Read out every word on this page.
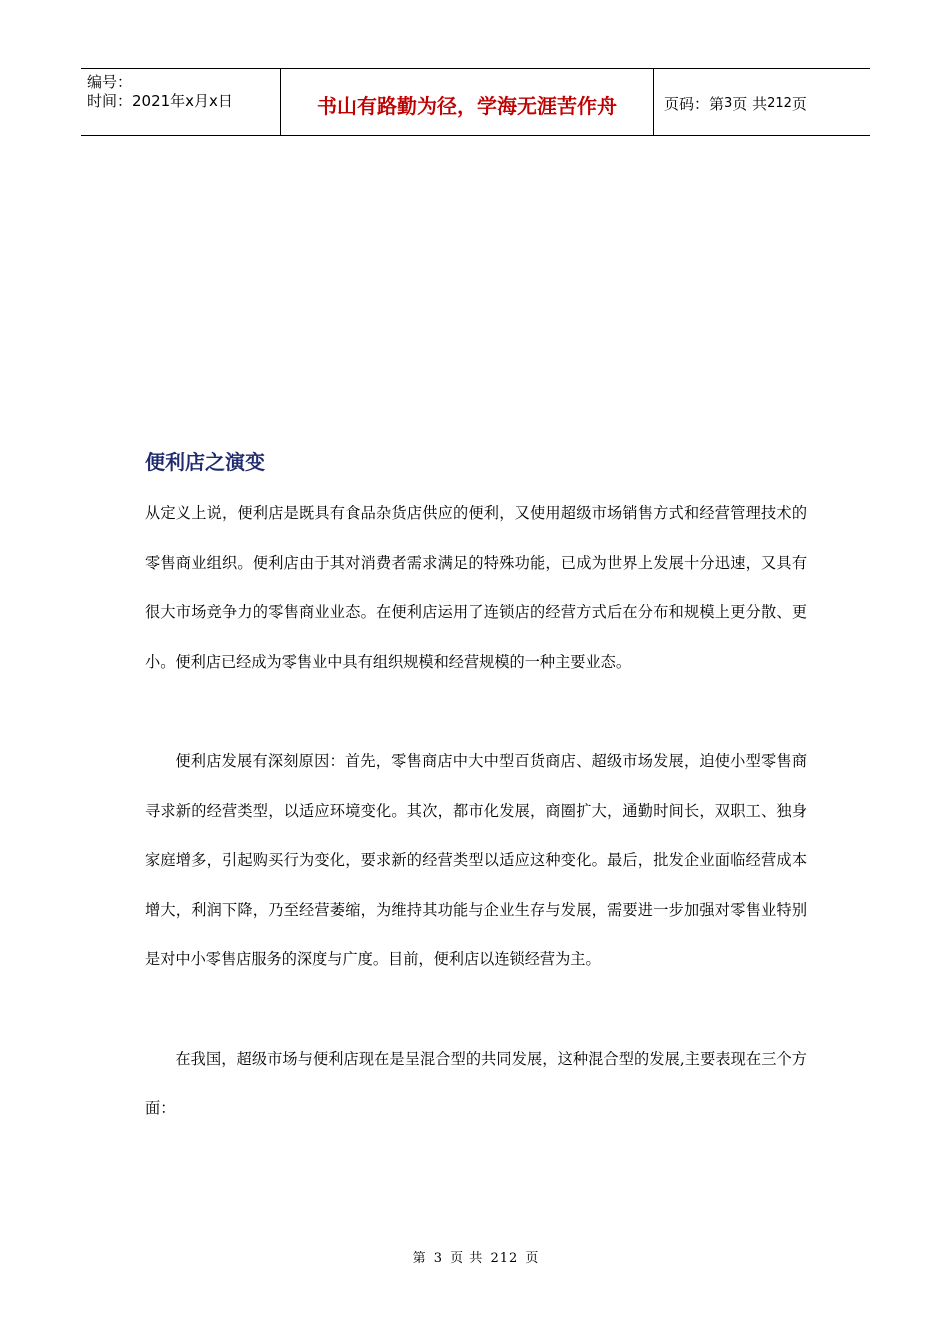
编号：
时间：2021年x月x日	书山有路勤为径，学海无涯苦作舟	页码：第 3 页 共 212 页
便利店之演变

从定义上说，便利店是既具有食品杂货店供应的便利，又使用超级市场销售方式和经营管理技术的零售商业组织。便利店由于其对消费者需求满足的特殊功能，已成为世界上发展十分迅速，又具有很大市场竞争力的零售商业业态。在便利店运用了连锁店的经营方式后在分布和规模上更分散、更小。便利店已经成为零售业中具有组织规模和经营规模的一种主要业态。

便利店发展有深刻原因：首先，零售商店中大中型百货商店、超级市场发展，迫使小型零售商寻求新的经营类型，以适应环境变化。其次，都市化发展，商圈扩大，通勤时间长，双职工、独身家庭增多，引起购买行为变化，要求新的经营类型以适应这种变化。最后，批发企业面临经营成本增大，利润下降，乃至经营萎缩，为维持其功能与企业生存与发展，需要进一步加强对零售业特别是对中小零售店服务的深度与广度。目前，便利店以连锁经营为主。

在我国，超级市场与便利店现在是呈混合型的共同发展，这种混合型的发展,主要表现在三个方面：

第 3 页 共 212 页
